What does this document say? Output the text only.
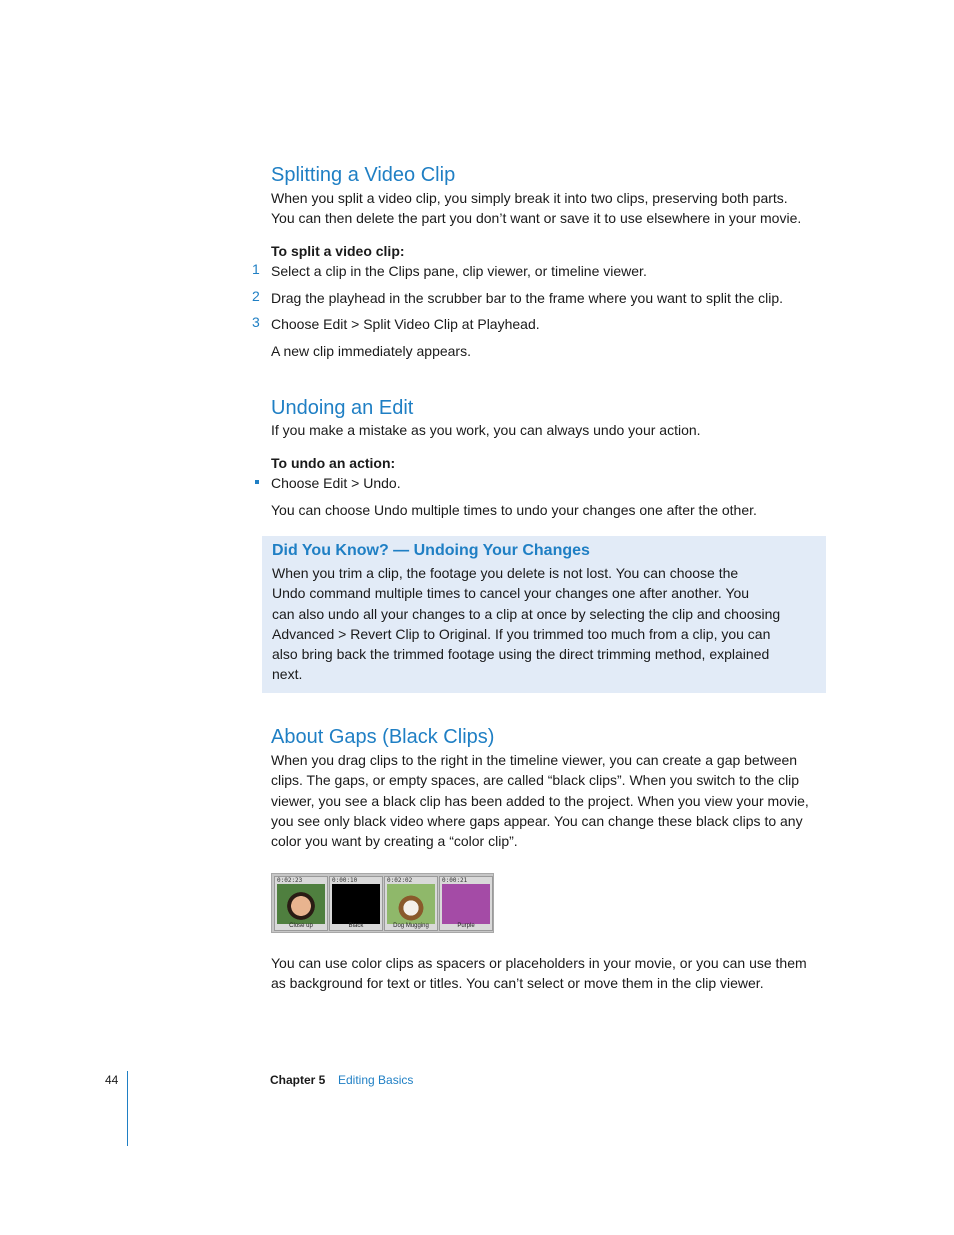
Splitting a Video Clip
When you split a video clip, you simply break it into two clips, preserving both parts.
You can then delete the part you don’t want or save it to use elsewhere in your movie.
To split a video clip:
1 Select a clip in the Clips pane, clip viewer, or timeline viewer.
2 Drag the playhead in the scrubber bar to the frame where you want to split the clip.
3 Choose Edit > Split Video Clip at Playhead.
A new clip immediately appears.
Undoing an Edit
If you make a mistake as you work, you can always undo your action.
To undo an action:
Choose Edit > Undo.
You can choose Undo multiple times to undo your changes one after the other.
Did You Know? — Undoing Your Changes
When you trim a clip, the footage you delete is not lost. You can choose the
Undo command multiple times to cancel your changes one after another. You
can also undo all your changes to a clip at once by selecting the clip and choosing
Advanced > Revert Clip to Original. If you trimmed too much from a clip, you can
also bring back the trimmed footage using the direct trimming method, explained
next.
About Gaps (Black Clips)
When you drag clips to the right in the timeline viewer, you can create a gap between
clips. The gaps, or empty spaces, are called “black clips”. When you switch to the clip
viewer, you see a black clip has been added to the project. When you view your movie,
you see only black video where gaps appear. You can change these black clips to any
color you want by creating a “color clip”.
0:02:23
Close up
0:00:10
Black
0:02:02
Dog Mugging
0:00:21
Purple
You can use color clips as spacers or placeholders in your movie, or you can use them
as background for text or titles. You can’t select or move them in the clip viewer.
44	Chapter 5 Editing Basics
